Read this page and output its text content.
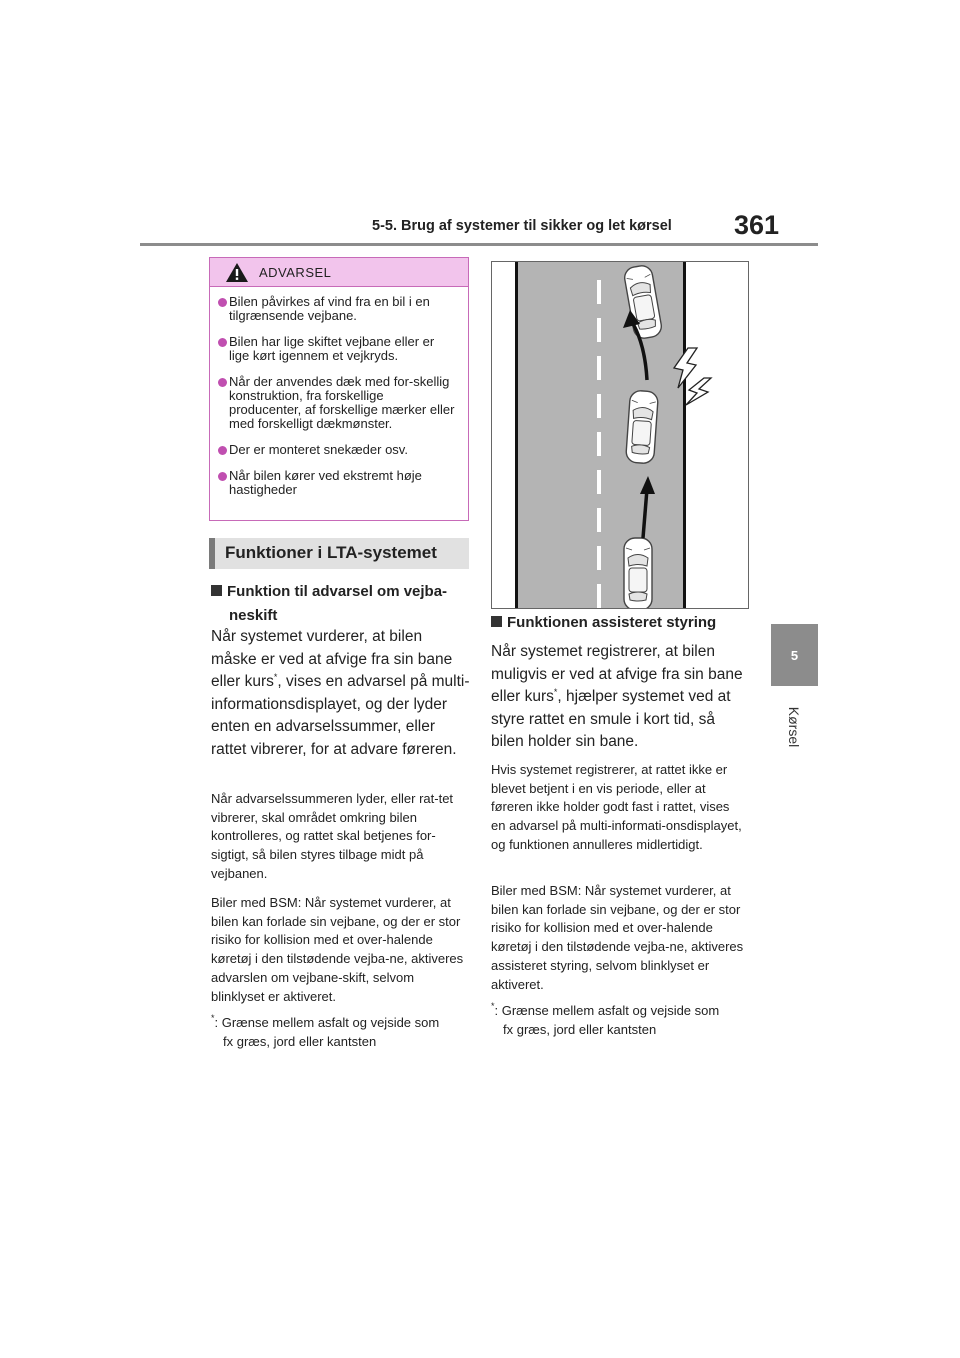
5-5. Brug af systemer til sikker og let kørsel 361
5
Kørsel
ADVARSEL
Bilen påvirkes af vind fra en bil i en tilgrænsende vejbane.
Bilen har lige skiftet vejbane eller er lige kørt igennem et vejkryds.
Når der anvendes dæk med for-skellig konstruktion, fra forskellige producenter, af forskellige mærker eller med forskelligt dækmønster.
Der er monteret snekæder osv.
Når bilen kører ved ekstremt høje hastigheder
Funktioner i LTA-systemet
Funktion til advarsel om vejba-
neskift

Når systemet vurderer, at bilen måske er ved at afvige fra sin bane eller kurs*, vises en advarsel på multi-informationsdisplayet, og der lyder enten en advarselssummer, eller rattet vibrerer, for at advare føreren.

Når advarselssummeren lyder, eller rat-tet vibrerer, skal området omkring bilen kontrolleres, og rattet skal betjenes for-sigtigt, så bilen styres tilbage midt på vejbanen.

Biler med BSM: Når systemet vurderer, at bilen kan forlade sin vejbane, og der er stor risiko for kollision med et over-halende køretøj i den tilstødende vejba-ne, aktiveres advarslen om vejbane-skift, selvom blinklyset er aktiveret.

*: Grænse mellem asfalt og vejside som fx græs, jord eller kantsten

Funktionen assisteret styring

Når systemet registrerer, at bilen muligvis er ved at afvige fra sin bane eller kurs*, hjælper systemet ved at styre rattet en smule i kort tid, så bilen holder sin bane.

Hvis systemet registrerer, at rattet ikke er blevet betjent i en vis periode, eller at føreren ikke holder godt fast i rattet, vises en advarsel på multi-informati-onsdisplayet, og funktionen annulleres midlertidigt.

Biler med BSM: Når systemet vurderer, at bilen kan forlade sin vejbane, og der er stor risiko for kollision med et over-halende køretøj i den tilstødende vejba-ne, aktiveres assisteret styring, selvom blinklyset er aktiveret.

*: Grænse mellem asfalt og vejside som fx græs, jord eller kantsten
